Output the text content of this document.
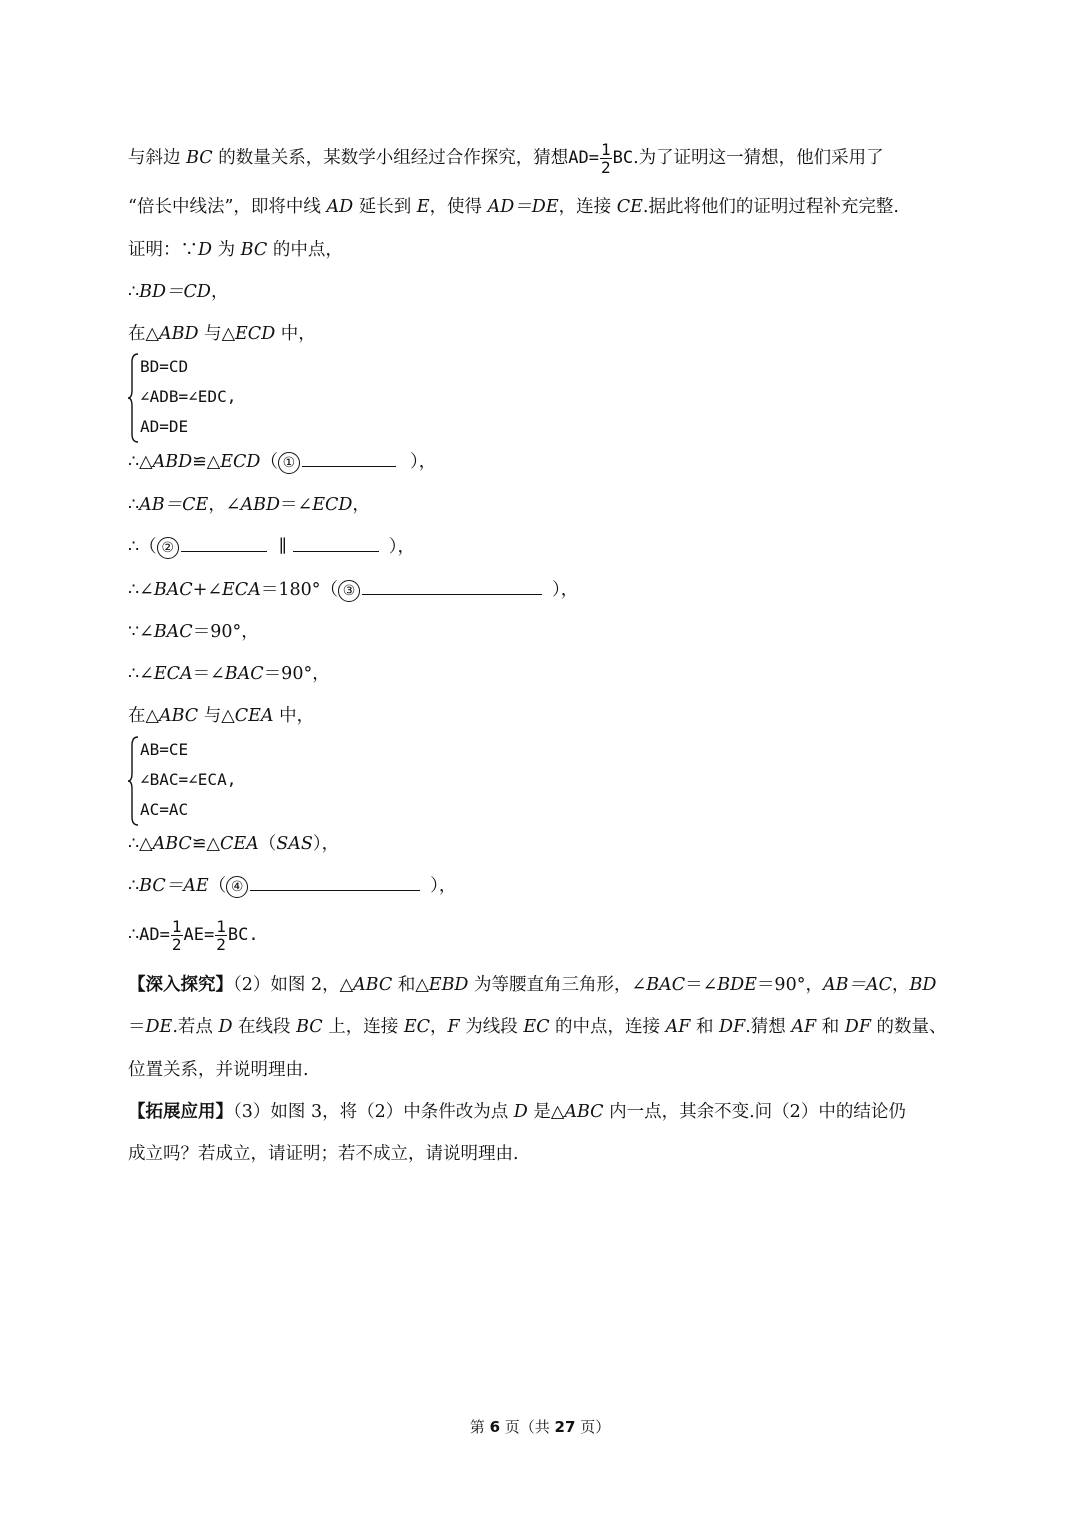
与斜边 BC 的数量关系，某数学小组经过合作探究，猜想$AD= \frac{1}{2}$ BC.为了证明这一猜想，他们采用了
“倍长中线法”，即将中线 AD 延长到 E，使得 AD＝DE，连接 CE.据此将他们的证明过程补充完整.
证明：∵D 为 BC 的中点，
∴BD＝CD，
在△ABD 与△ECD 中，
BD=CD
∠ADB=∠EDC,
AD=DE
∴△ABD≌△ECD（ ①	），
∴AB＝CE，∠ABD＝∠ECD，
∴（ ②	∥	），
∴∠BAC+∠ECA＝180°（ ③	），
∵∠BAC＝90°，
∴∠ECA＝∠BAC＝90°，
在△ABC 与△CEA 中，
AB=CE
∠BAC=∠ECA,
AC=AC
∴△ABC≌△CEA（SAS），
∴BC＝AE（ ④	），
∴AD= $\frac{1}{2} AE= \frac{1}{2}$ BC.
【深入探究】（2）如图 2，△ABC 和△EBD 为等腰直角三角形，∠BAC＝∠BDE＝90°，AB＝AC，BD
＝DE.若点 D 在线段 BC 上，连接 EC，F 为线段 EC 的中点，连接 AF 和 DF.猜想 AF 和 DF 的数量、
位置关系，并说明理由.
【拓展应用】（3）如图 3，将（2）中条件改为点 D 是△ABC 内一点，其余不变.问（2）中的结论仍
成立吗？若成立，请证明；若不成立，请说明理由.
第 6 页（共 27 页）
